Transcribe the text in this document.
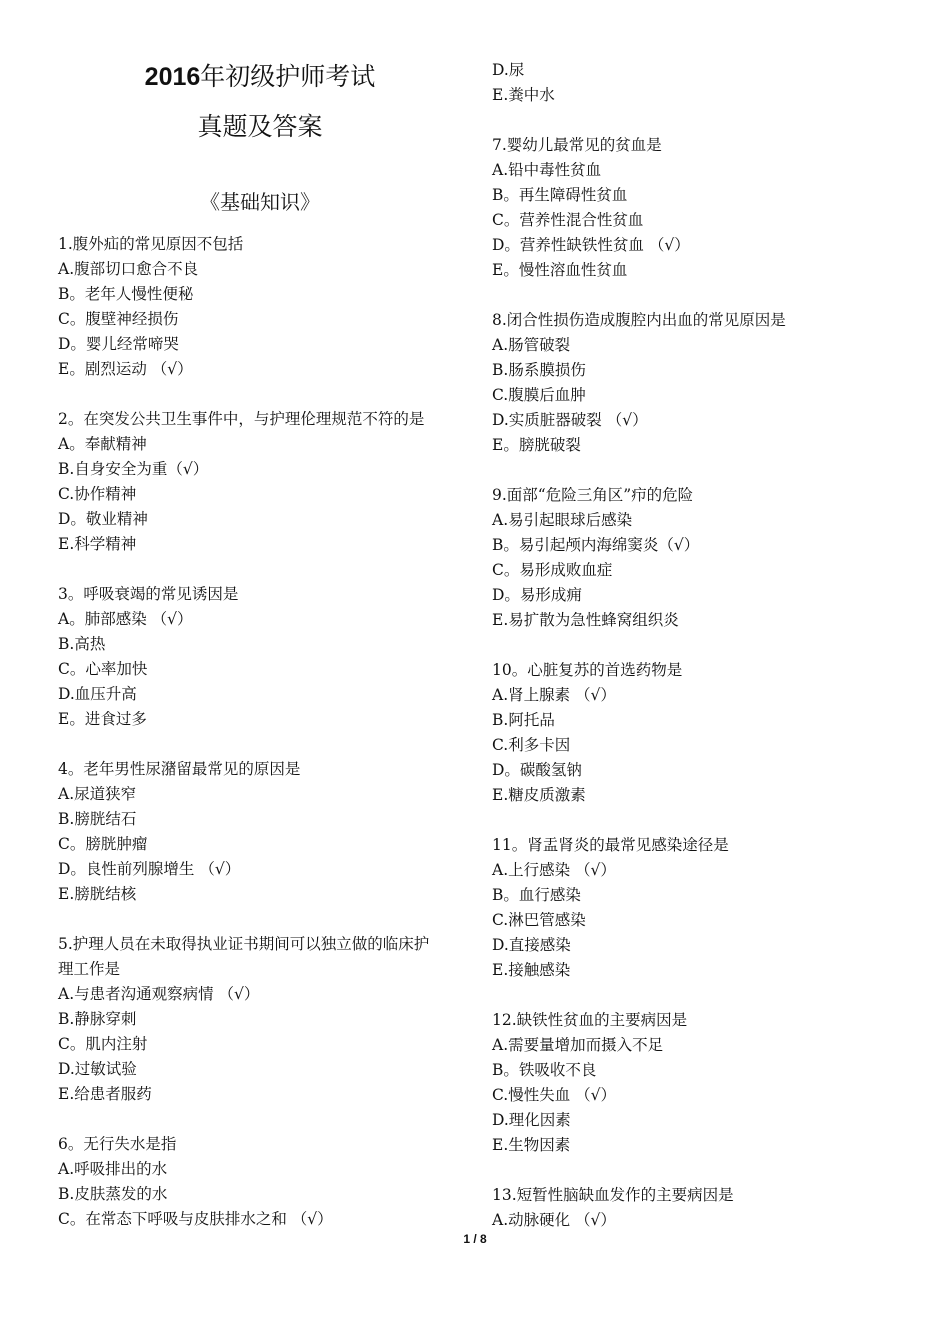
2016年初级护师考试
真题及答案
《基础知识》
1.腹外疝的常见原因不包括
A.腹部切口愈合不良
B。老年人慢性便秘
C。腹壁神经损伤
D。婴儿经常啼哭
E。剧烈运动 （√）
2。在突发公共卫生事件中，与护理伦理规范不符的是
A。奉献精神
B.自身安全为重（√）
C.协作精神
D。敬业精神
E.科学精神
3。呼吸衰竭的常见诱因是
A。肺部感染 （√）
B.高热
C。心率加快
D.血压升高
E。进食过多
4。老年男性尿潴留最常见的原因是
A.尿道狭窄
B.膀胱结石
C。膀胱肿瘤
D。良性前列腺增生 （√）
E.膀胱结核
5.护理人员在未取得执业证书期间可以独立做的临床护
理工作是
A.与患者沟通观察病情 （√）
B.静脉穿刺
C。肌内注射
D.过敏试验
E.给患者服药
6。无行失水是指
A.呼吸排出的水
B.皮肤蒸发的水
C。在常态下呼吸与皮肤排水之和 （√）
D.尿
E.粪中水
7.婴幼儿最常见的贫血是
A.铅中毒性贫血
B。再生障碍性贫血
C。营养性混合性贫血
D。营养性缺铁性贫血 （√）
E。慢性溶血性贫血
8.闭合性损伤造成腹腔内出血的常见原因是
A.肠管破裂
B.肠系膜损伤
C.腹膜后血肿
D.实质脏器破裂 （√）
E。膀胱破裂
9.面部“危险三角区”疖的危险
A.易引起眼球后感染
B。易引起颅内海绵窦炎（√）
C。易形成败血症
D。易形成痈
E.易扩散为急性蜂窝组织炎
10。心脏复苏的首选药物是
A.肾上腺素 （√）
B.阿托品
C.利多卡因
D。碳酸氢钠
E.糖皮质激素
11。肾盂肾炎的最常见感染途径是
A.上行感染 （√）
B。血行感染
C.淋巴管感染
D.直接感染
E.接触感染
12.缺铁性贫血的主要病因是
A.需要量增加而摄入不足
B。铁吸收不良
C.慢性失血 （√）
D.理化因素
E.生物因素
13.短暂性脑缺血发作的主要病因是
A.动脉硬化 （√）
1 / 8
